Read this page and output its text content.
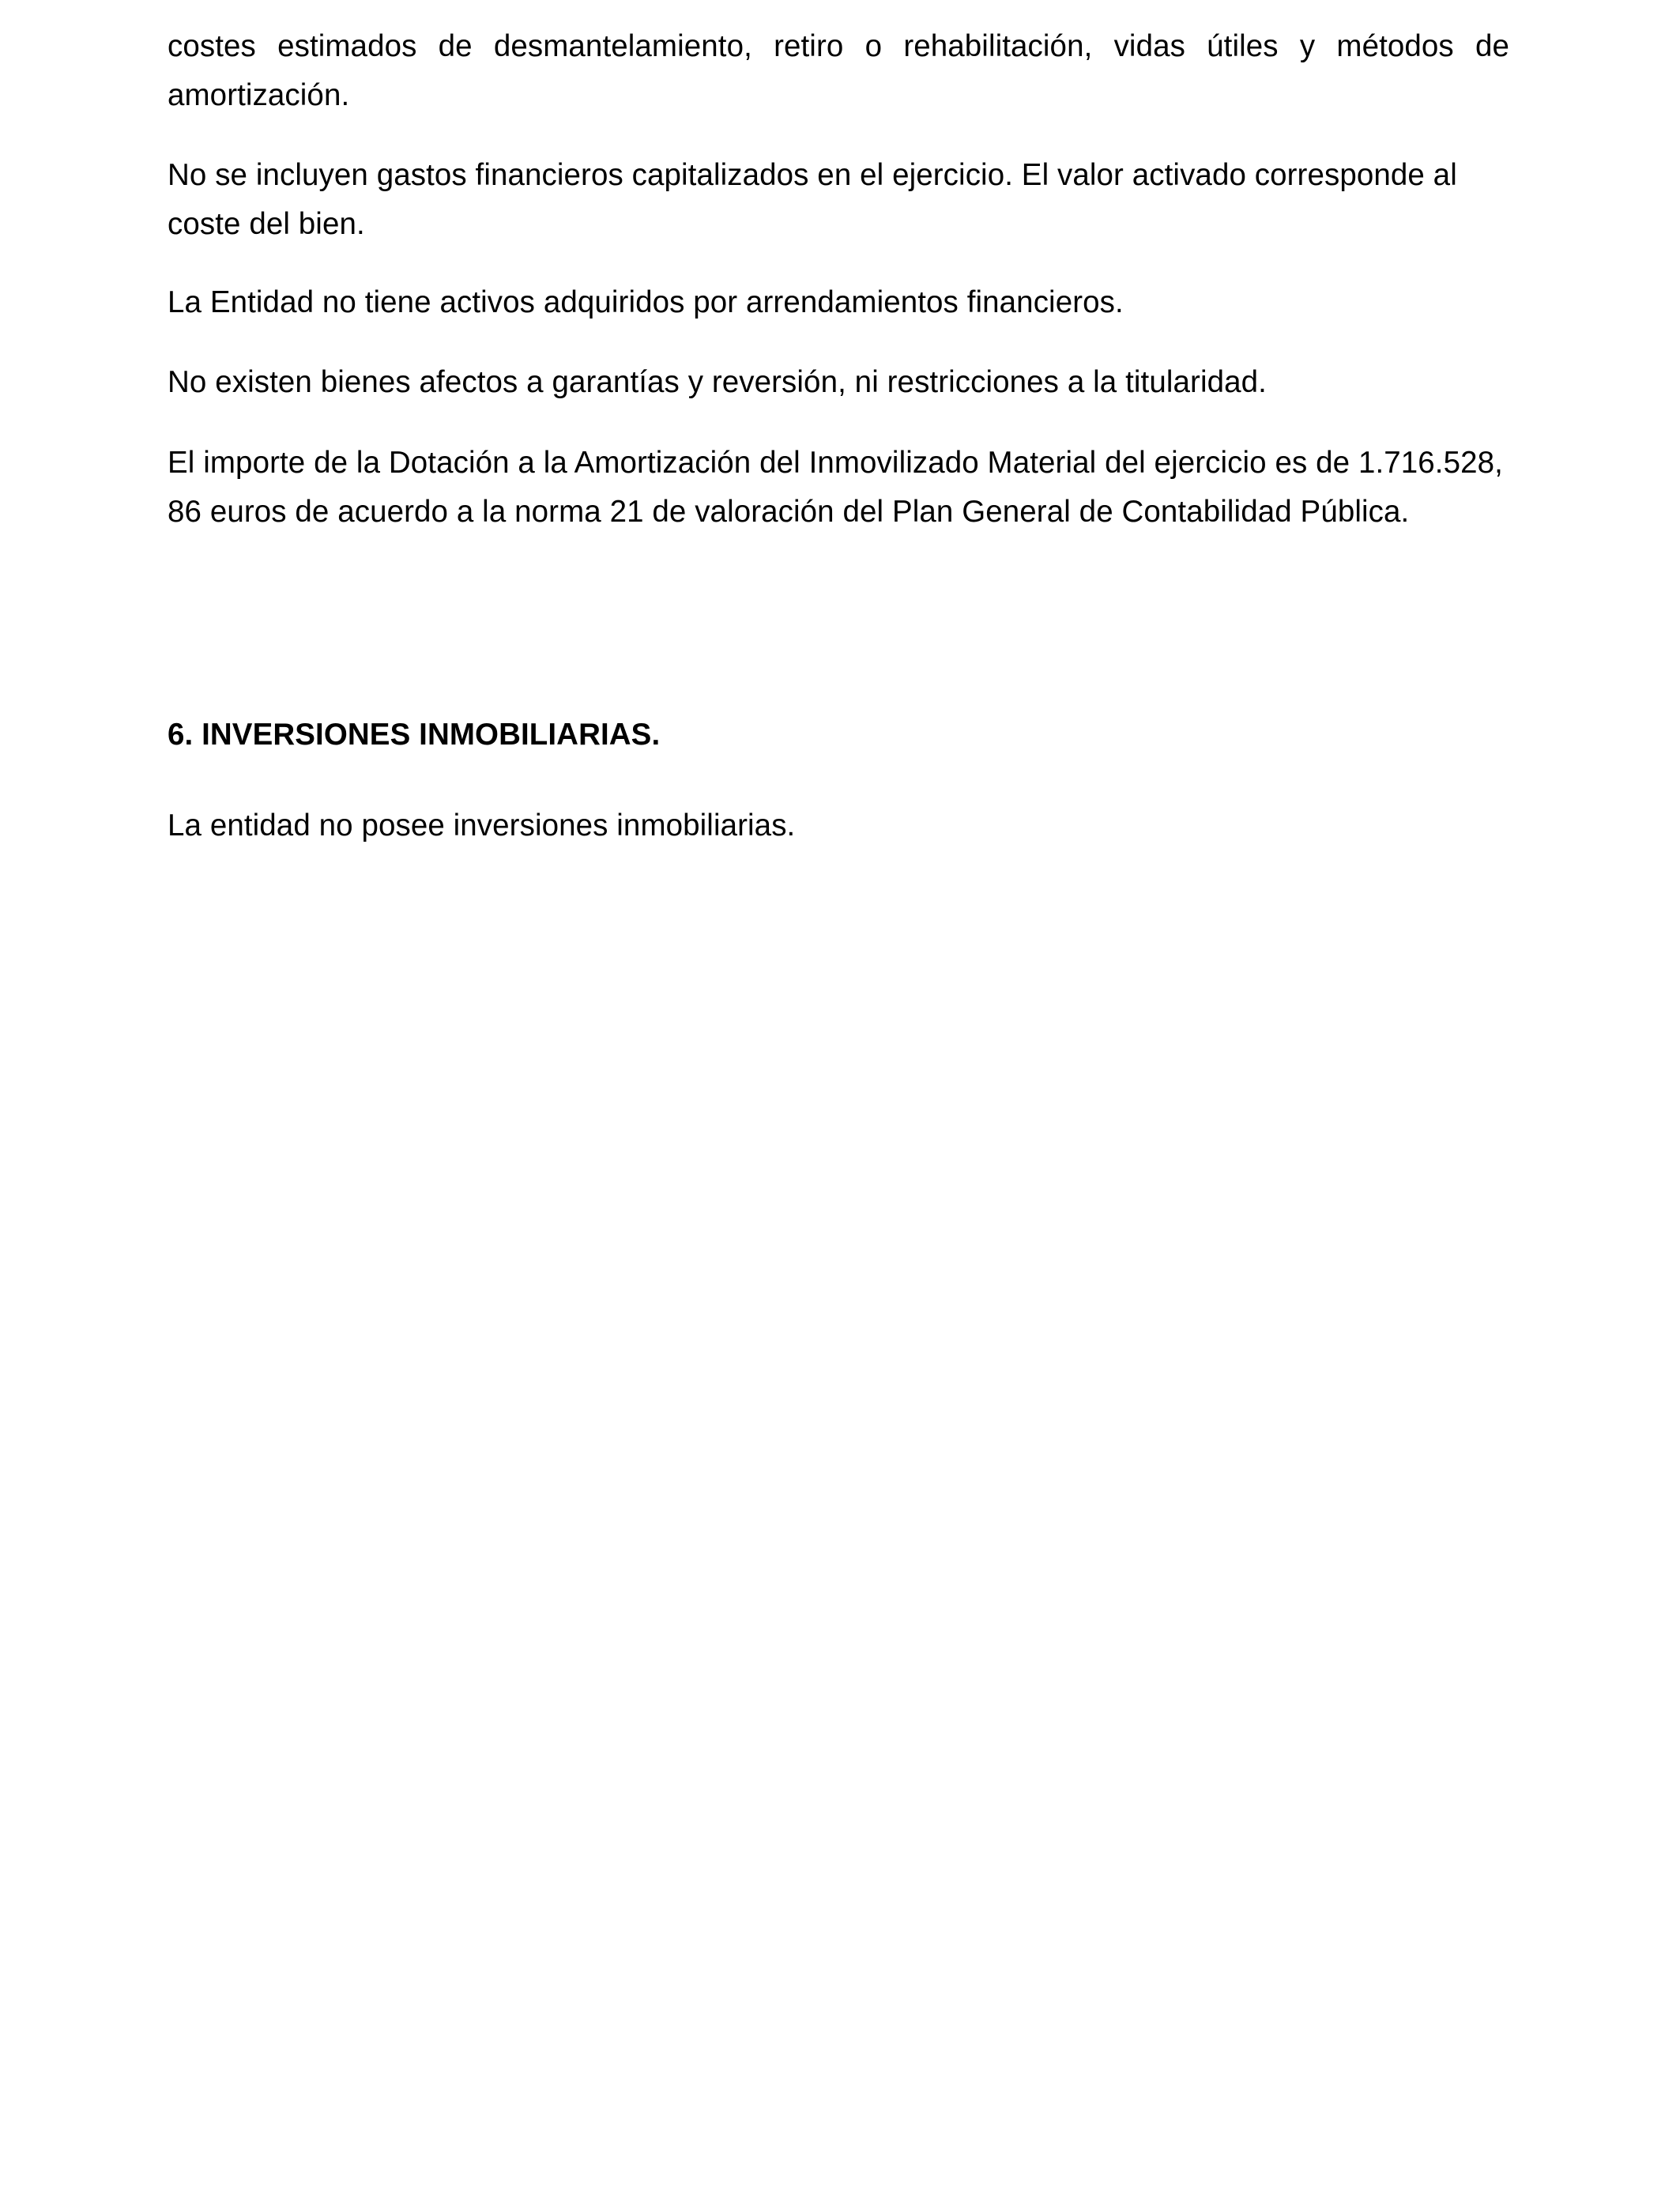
costes estimados de desmantelamiento, retiro o rehabilitación, vidas útiles y métodos de amortización.

No se incluyen gastos financieros capitalizados en el ejercicio. El valor activado corresponde al coste del bien.

La Entidad no tiene activos adquiridos por arrendamientos financieros.

No existen bienes afectos a garantías y reversión, ni restricciones a la titularidad.

El importe de la Dotación a la Amortización del Inmovilizado Material del ejercicio es de 1.716.528, 86 euros de acuerdo a la norma 21 de valoración del Plan General de Contabilidad Pública.

6. INVERSIONES INMOBILIARIAS.

La entidad no posee inversiones inmobiliarias.
